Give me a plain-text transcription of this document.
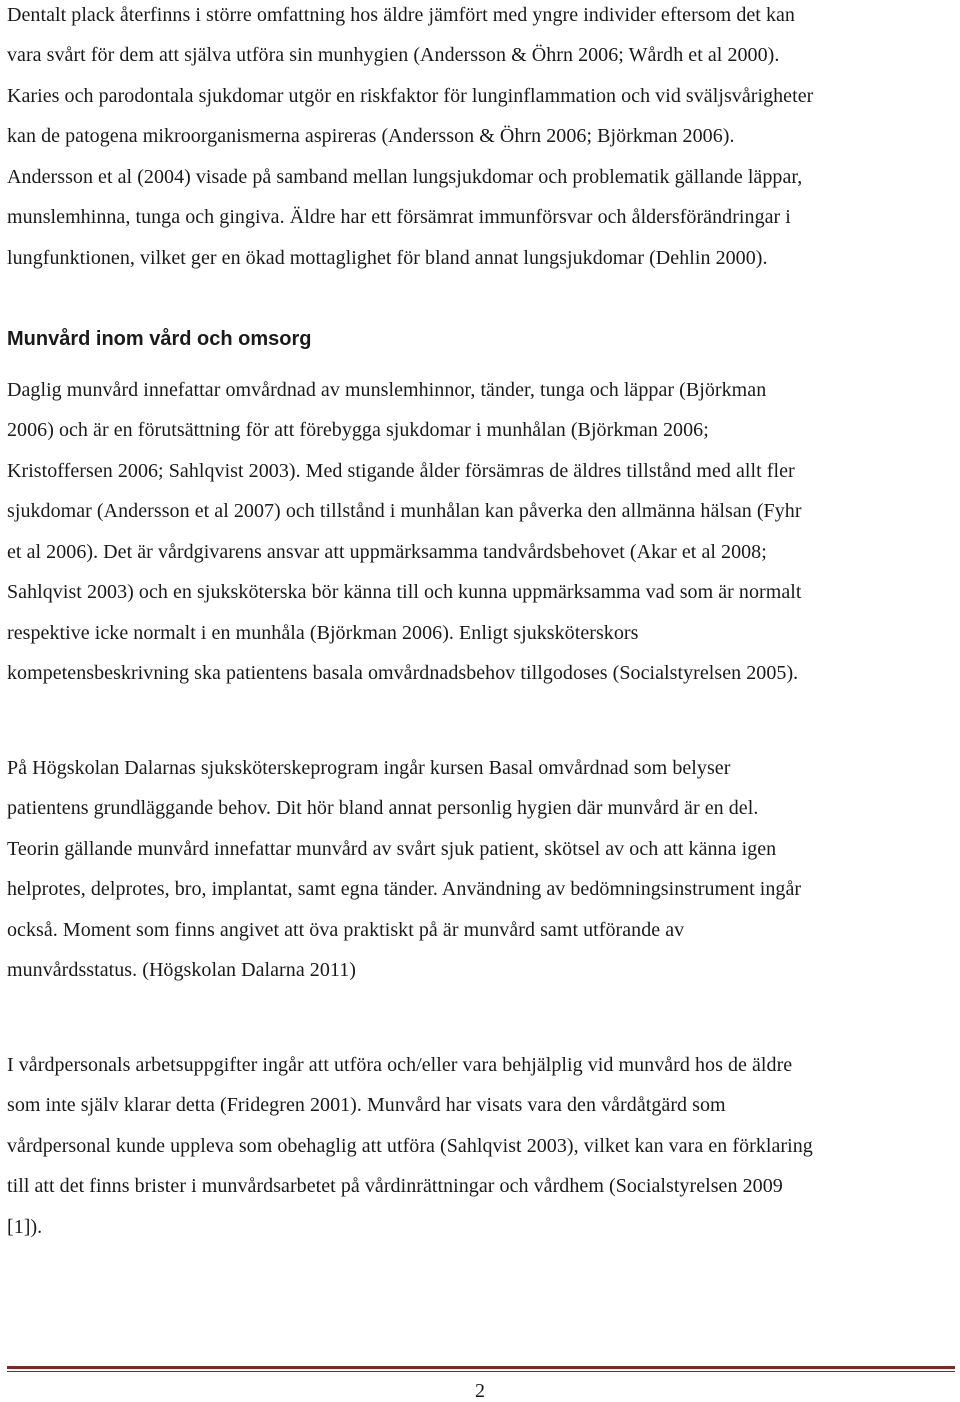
Dentalt plack återfinns i större omfattning hos äldre jämfört med yngre individer eftersom det kan
vara svårt för dem att själva utföra sin munhygien (Andersson & Öhrn 2006; Wårdh et al 2000).
Karies och parodontala sjukdomar utgör en riskfaktor för lunginflammation och vid sväljsvårigheter
kan de patogena mikroorganismerna aspireras (Andersson & Öhrn 2006; Björkman 2006).
Andersson et al (2004) visade på samband mellan lungsjukdomar och problematik gällande läppar,
munslemhinna, tunga och gingiva. Äldre har ett försämrat immunförsvar och åldersförändringar i
lungfunktionen, vilket ger en ökad mottaglighet för bland annat lungsjukdomar (Dehlin 2000).
Munvård inom vård och omsorg
Daglig munvård innefattar omvårdnad av munslemhinnor, tänder, tunga och läppar (Björkman
2006) och är en förutsättning för att förebygga sjukdomar i munhålan (Björkman 2006;
Kristoffersen 2006; Sahlqvist 2003). Med stigande ålder försämras de äldres tillstånd med allt fler
sjukdomar (Andersson et al 2007) och tillstånd i munhålan kan påverka den allmänna hälsan (Fyhr
et al 2006). Det är vårdgivarens ansvar att uppmärksamma tandvårdsbehovet (Akar et al 2008;
Sahlqvist 2003) och en sjuksköterska bör känna till och kunna uppmärksamma vad som är normalt
respektive icke normalt i en munhåla (Björkman 2006). Enligt sjuksköterskors
kompetensbeskrivning ska patientens basala omvårdnadsbehov tillgodoses (Socialstyrelsen 2005).
På Högskolan Dalarnas sjuksköterskeprogram ingår kursen Basal omvårdnad som belyser
patientens grundläggande behov. Dit hör bland annat personlig hygien där munvård är en del.
Teorin gällande munvård innefattar munvård av svårt sjuk patient, skötsel av och att känna igen
helprotes, delprotes, bro, implantat, samt egna tänder. Användning av bedömningsinstrument ingår
också. Moment som finns angivet att öva praktiskt på är munvård samt utförande av
munvårdsstatus. (Högskolan Dalarna 2011)
I vårdpersonals arbetsuppgifter ingår att utföra och/eller vara behjälplig vid munvård hos de äldre
som inte själv klarar detta (Fridegren 2001). Munvård har visats vara den vårdåtgärd som
vårdpersonal kunde uppleva som obehaglig att utföra (Sahlqvist 2003), vilket kan vara en förklaring
till att det finns brister i munvårdsarbetet på vårdinrättningar och vårdhem (Socialstyrelsen 2009
[1]).
2
